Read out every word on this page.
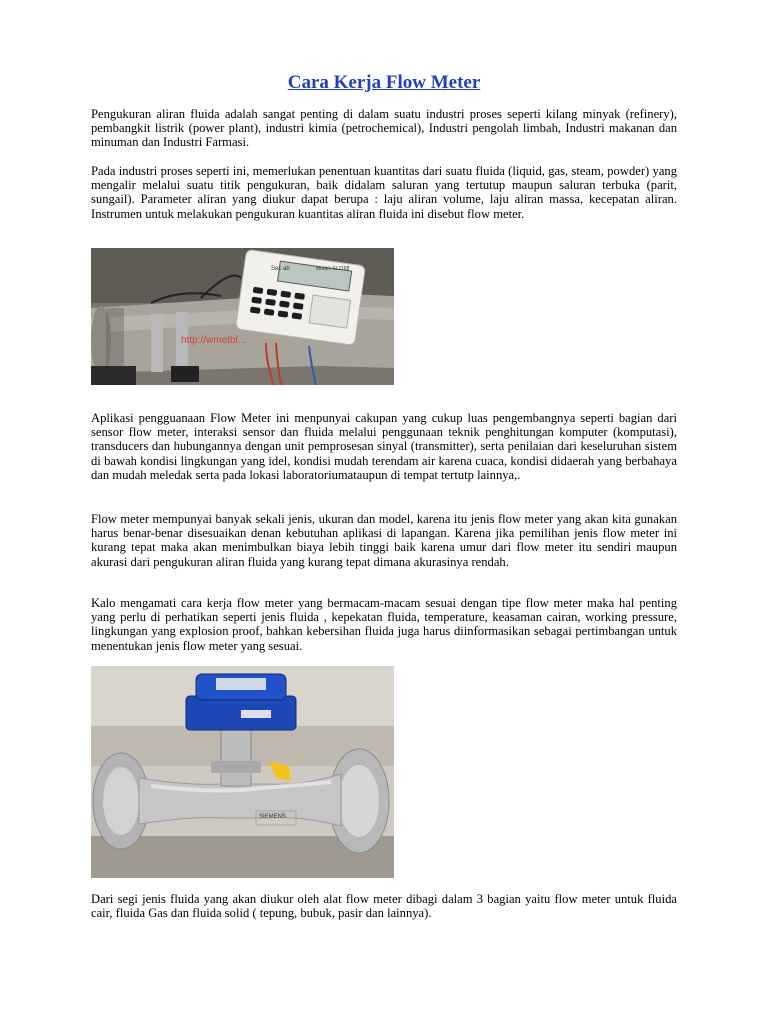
Cara Kerja Flow Meter

Pengukuran aliran fluida adalah sangat penting di dalam suatu industri proses seperti kilang minyak (refinery), pembangkit listrik (power plant), industri kimia (petrochemical), Industri pengolah limbah, Industri makanan dan minuman dan Industri Farmasi.

Pada industri proses seperti ini, memerlukan penentuan kuantitas dari suatu fluida (liquid, gas, steam, powder) yang mengalir melalui suatu titik pengukuran, baik didalam saluran yang tertutup maupun saluran terbuka (parit, sungail). Parameter aliran yang diukur dapat berupa : laju aliran volume, laju aliran massa, kecepatan aliran. Instrumen untuk melakukan pengukuran kuantitas aliran fluida ini disebut flow meter.

http://wmetbl...
Sec ab	Model: SL1168

Aplikasi pengguanaan Flow Meter ini menpunyai cakupan yang cukup luas pengembangnya seperti bagian dari sensor flow meter, interaksi sensor dan fluida melalui penggunaan teknik penghitungan komputer (komputasi), transducers dan hubungannya dengan unit pemprosesan sinyal (transmitter), serta penilaian dari keseluruhan sistem di bawah kondisi lingkungan yang idel, kondisi mudah terendam air karena cuaca, kondisi didaerah yang berbahaya dan mudah meledak serta pada lokasi laboratoriumataupun di tempat tertutp lainnya,.

Flow meter mempunyai banyak sekali jenis, ukuran dan model, karena itu jenis flow meter yang akan kita gunakan harus benar-benar disesuaikan denan kebutuhan aplikasi di lapangan. Karena jika pemilihan jenis flow meter ini kurang tepat maka akan menimbulkan biaya lebih tinggi baik karena umur dari flow meter itu sendiri maupun akurasi dari pengukuran aliran fluida yang kurang tepat dimana akurasinya rendah.

Kalo mengamati cara kerja flow meter yang bermacam-macam sesuai dengan tipe flow meter maka hal penting yang perlu di perhatikan seperti jenis fluida , kepekatan fluida, temperature, keasaman cairan, working pressure, lingkungan yang explosion proof, bahkan kebersihan fluida juga harus diinformasikan sebagai pertimbangan untuk menentukan jenis flow meter yang sesuai.

SIEMENS

Dari segi jenis fluida yang akan diukur oleh alat flow meter dibagi dalam 3 bagian yaitu flow meter untuk fluida cair, fluida Gas dan fluida solid ( tepung, bubuk, pasir dan lainnya).
